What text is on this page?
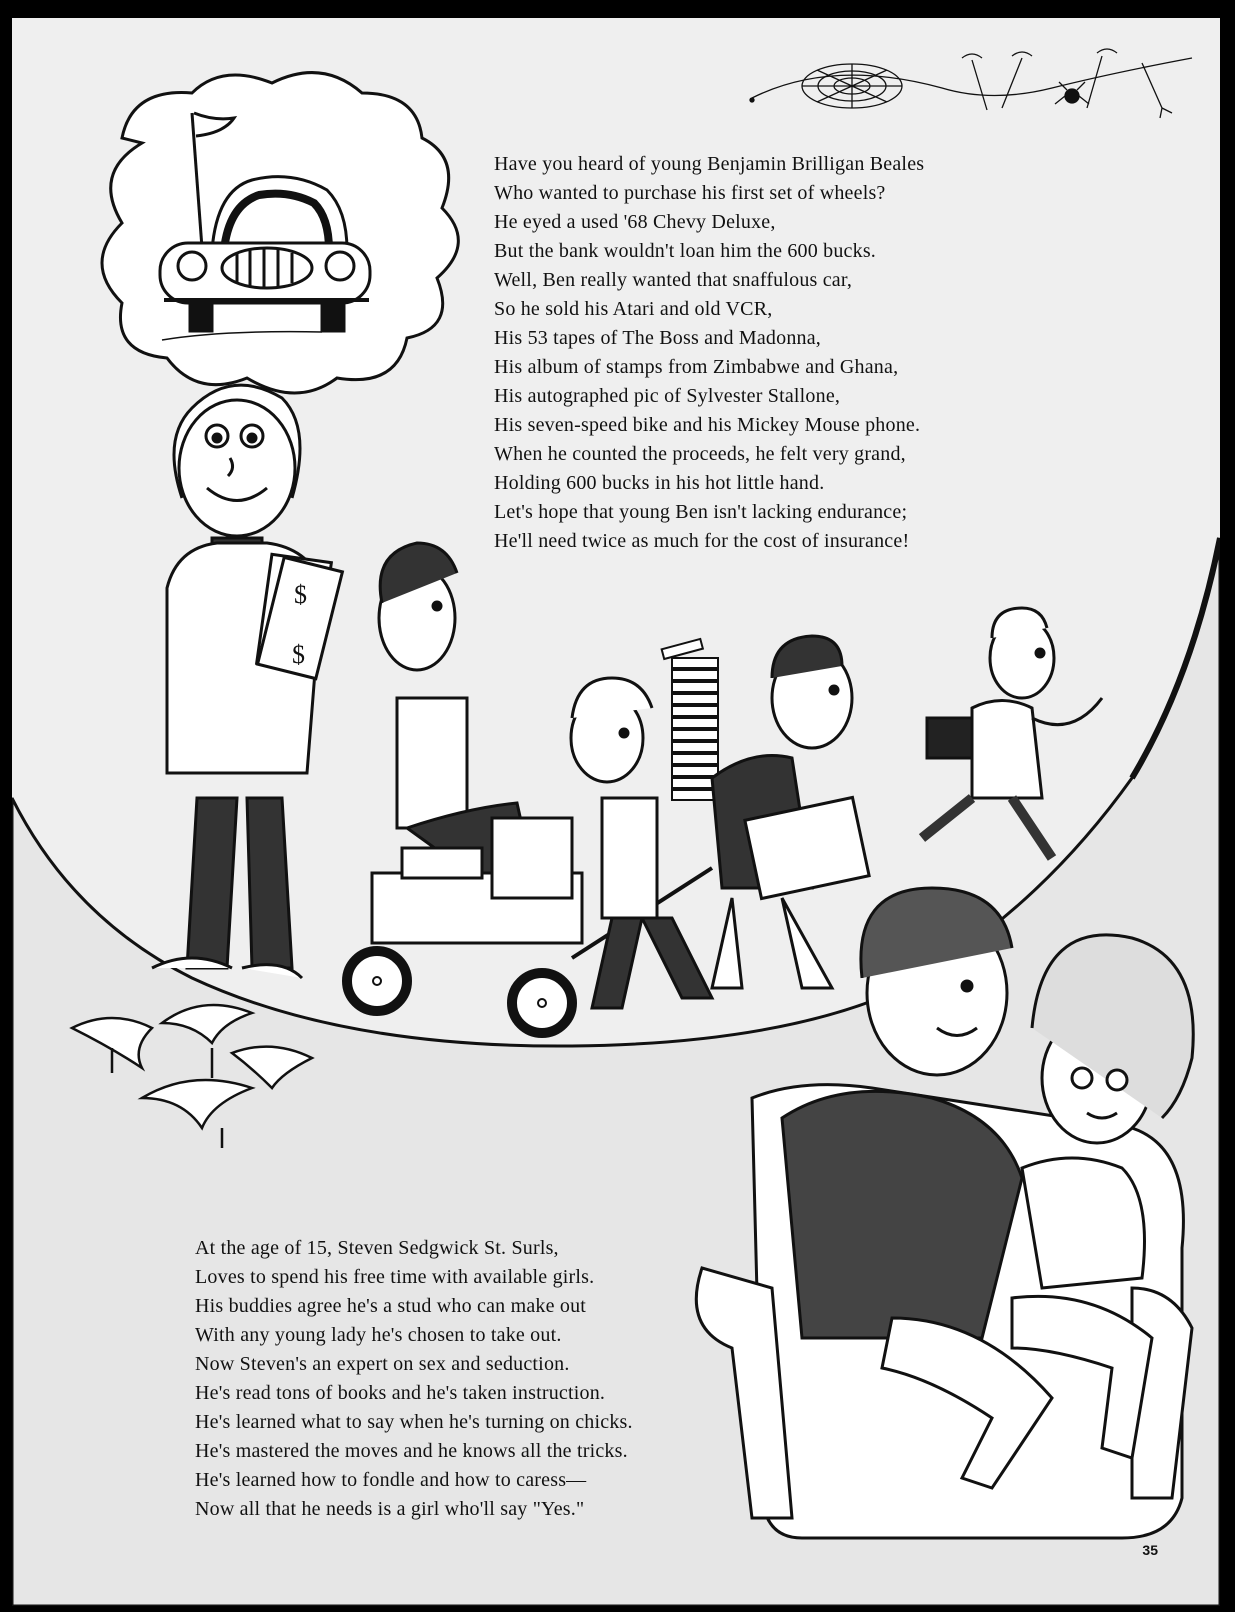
$
$
Have you heard of young Benjamin Brilligan Beales
Who wanted to purchase his first set of wheels?
He eyed a used '68 Chevy Deluxe,
But the bank wouldn't loan him the 600 bucks.
Well, Ben really wanted that snaffulous car,
So he sold his Atari and old VCR,
His 53 tapes of The Boss and Madonna,
His album of stamps from Zimbabwe and Ghana,
His autographed pic of Sylvester Stallone,
His seven-speed bike and his Mickey Mouse phone.
When he counted the proceeds, he felt very grand,
Holding 600 bucks in his hot little hand.
Let's hope that young Ben isn't lacking endurance;
He'll need twice as much for the cost of insurance!
At the age of 15, Steven Sedgwick St. Surls,
Loves to spend his free time with available girls.
His buddies agree he's a stud who can make out
With any young lady he's chosen to take out.
Now Steven's an expert on sex and seduction.
He's read tons of books and he's taken instruction.
He's learned what to say when he's turning on chicks.
He's mastered the moves and he knows all the tricks.
He's learned how to fondle and how to caress—
Now all that he needs is a girl who'll say "Yes."
35
